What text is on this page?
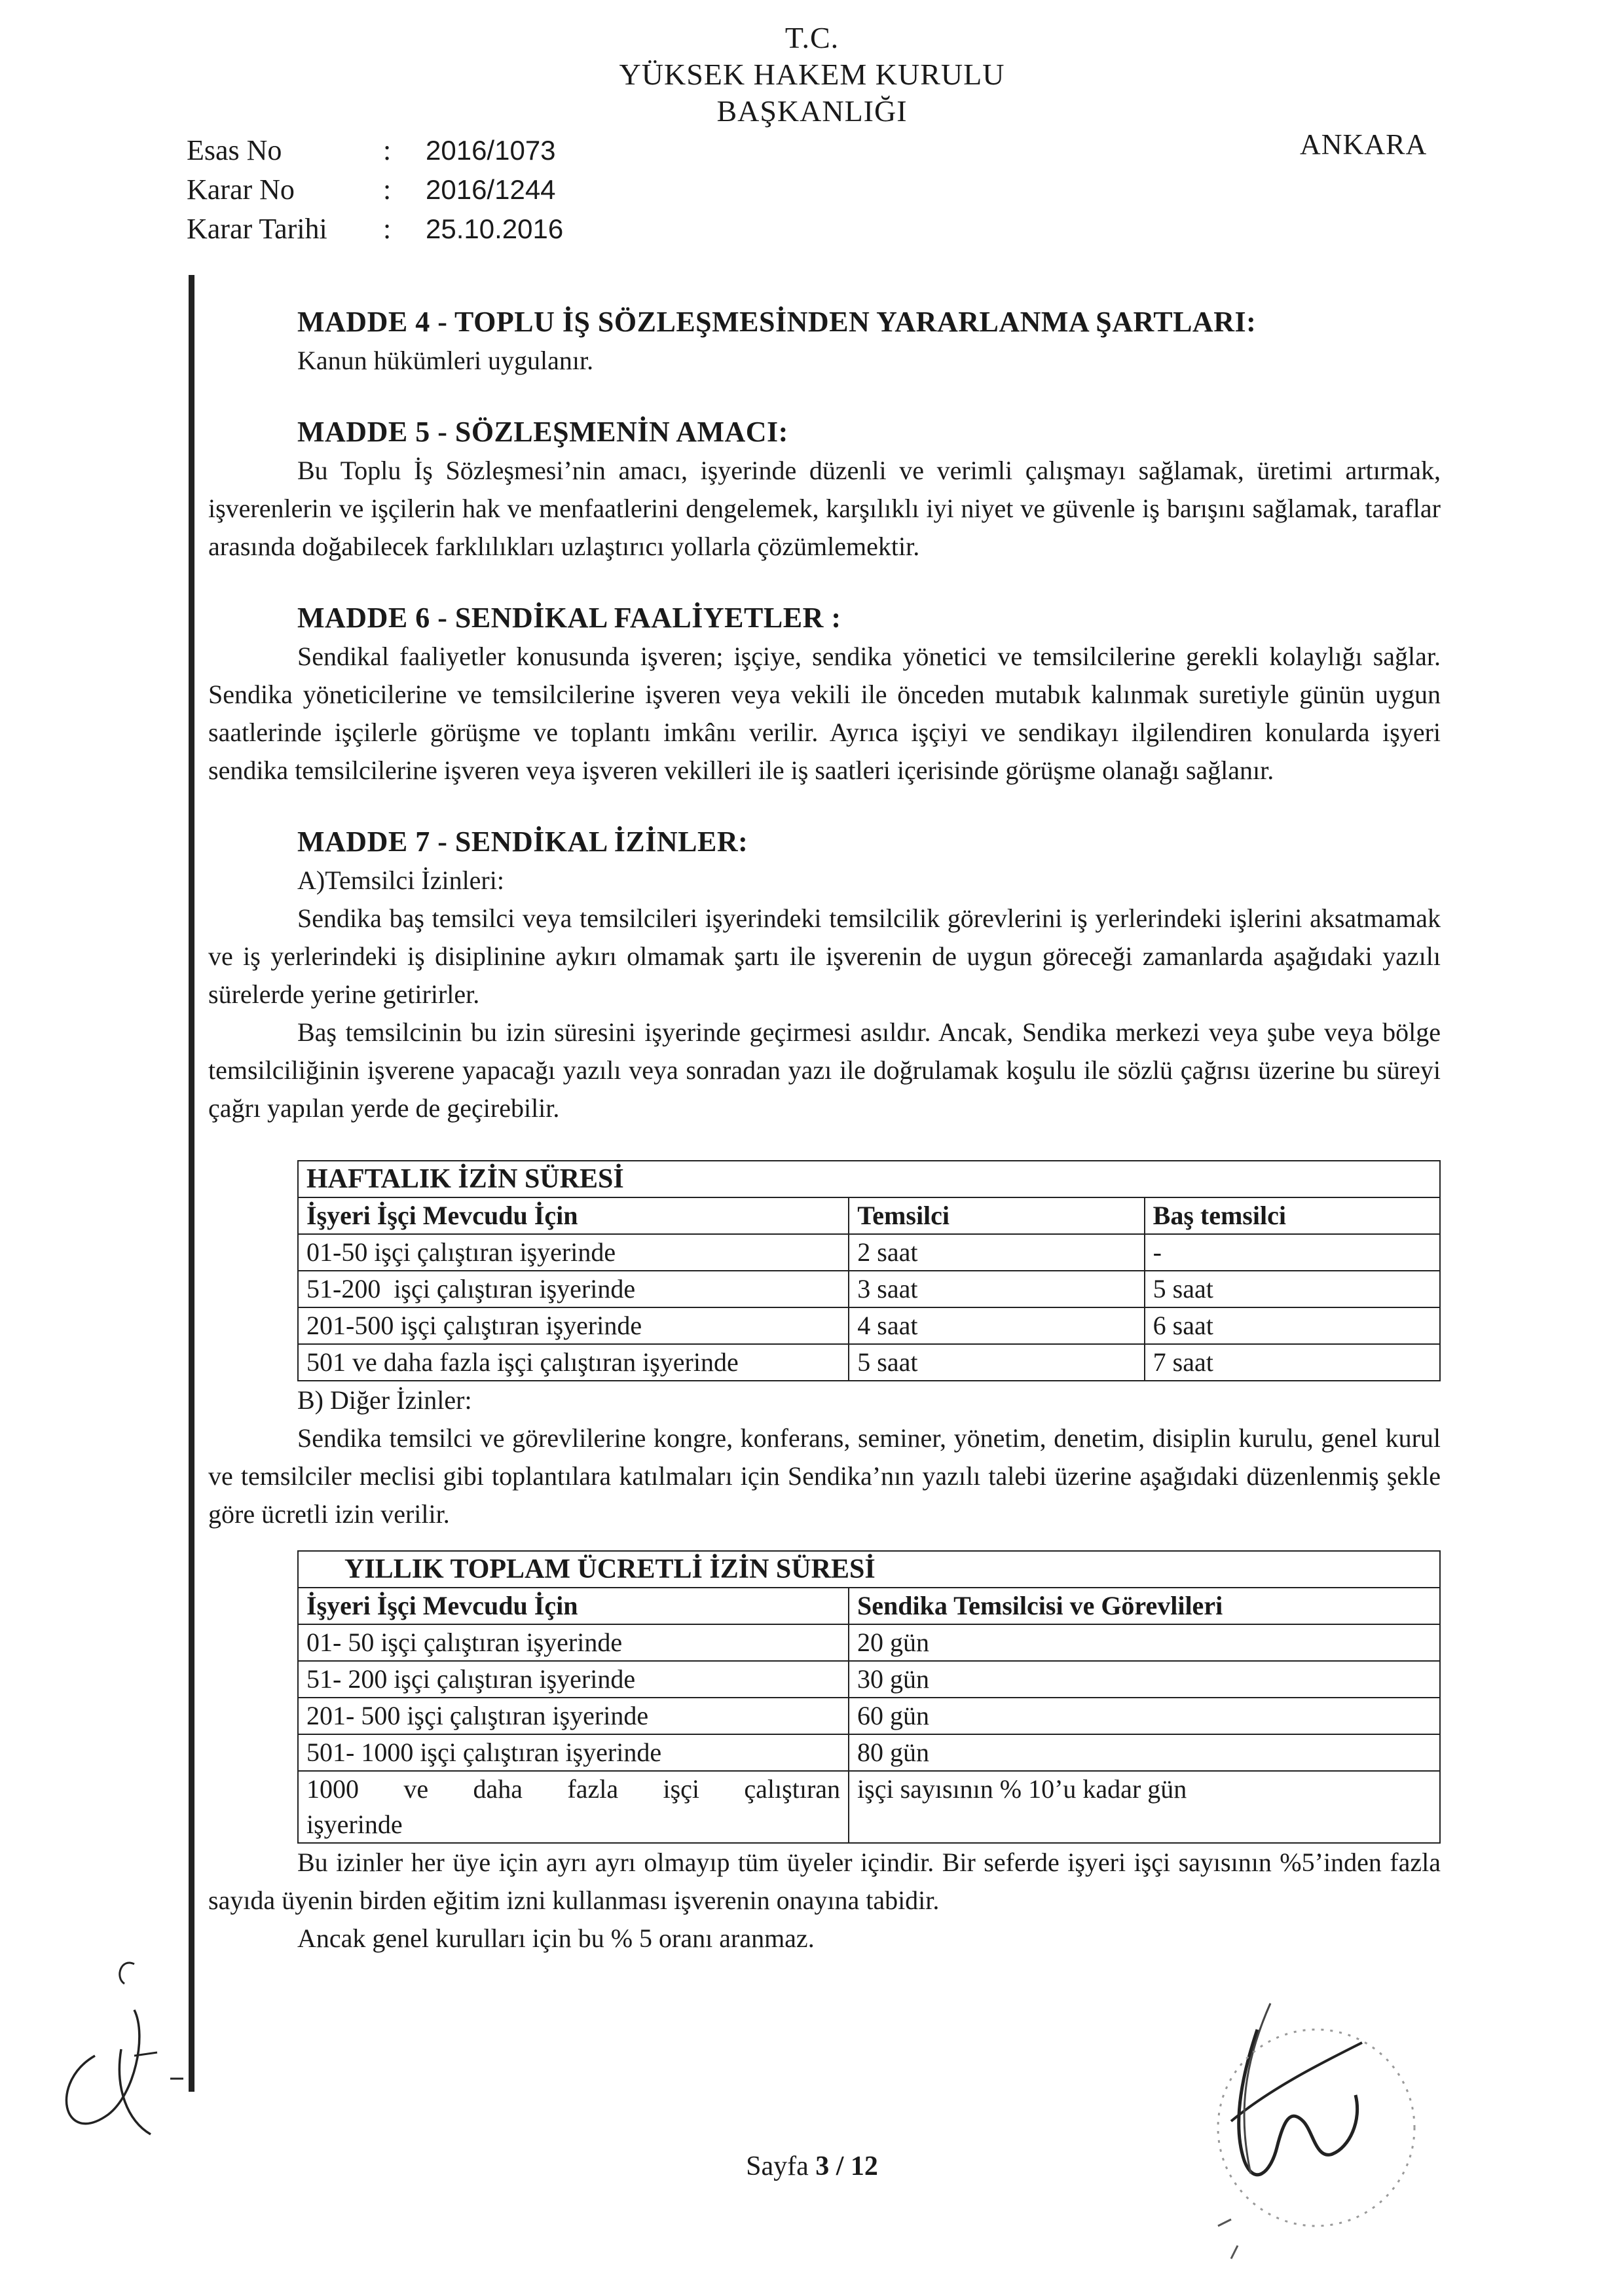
T.C.
YÜKSEK HAKEM KURULU
BAŞKANLIĞI
Esas No	:	2016/1073
Karar No	:	2016/1244
Karar Tarihi	:	25.10.2016
ANKARA

MADDE 4 - TOPLU İŞ SÖZLEŞMESİNDEN YARARLANMA ŞARTLARI:

Kanun hükümleri uygulanır.

MADDE 5 - SÖZLEŞMENİN AMACI:

Bu Toplu İş Sözleşmesi’nin amacı, işyerinde düzenli ve verimli çalışmayı sağlamak, üretimi artırmak, işverenlerin ve işçilerin hak ve menfaatlerini dengelemek, karşılıklı iyi niyet ve güvenle iş barışını sağlamak, taraflar arasında doğabilecek farklılıkları uzlaştırıcı yollarla çözümlemektir.

MADDE 6 - SENDİKAL FAALİYETLER :

Sendikal faaliyetler konusunda işveren; işçiye, sendika yönetici ve temsilcilerine gerekli kolaylığı sağlar. Sendika yöneticilerine ve temsilcilerine işveren veya vekili ile önceden mutabık kalınmak suretiyle günün uygun saatlerinde işçilerle görüşme ve toplantı imkânı verilir. Ayrıca işçiyi ve sendikayı ilgilendiren konularda işyeri sendika temsilcilerine işveren veya işveren vekilleri ile iş saatleri içerisinde görüşme olanağı sağlanır.

MADDE 7 - SENDİKAL İZİNLER:

A)Temsilci İzinleri:

Sendika baş temsilci veya temsilcileri işyerindeki temsilcilik görevlerini iş yerlerindeki işlerini aksatmamak ve iş yerlerindeki iş disiplinine aykırı olmamak şartı ile işverenin de uygun göreceği zamanlarda aşağıdaki yazılı sürelerde yerine getirirler.

Baş temsilcinin bu izin süresini işyerinde geçirmesi asıldır. Ancak, Sendika merkezi veya şube veya bölge temsilciliğinin işverene yapacağı yazılı veya sonradan yazı ile doğrulamak koşulu ile sözlü çağrısı üzerine bu süreyi çağrı yapılan yerde de geçirebilir.

HAFTALIK İZİN SÜRESİ		
İşyeri İşçi Mevcudu İçin	Temsilci	Baş temsilci
01-50 işçi çalıştıran işyerinde	2 saat	-
51-200  işçi çalıştıran işyerinde	3 saat	5 saat
201-500 işçi çalıştıran işyerinde	4 saat	6 saat
501 ve daha fazla işçi çalıştıran işyerinde	5 saat	7 saat

B) Diğer İzinler:

Sendika temsilci ve görevlilerine kongre, konferans, seminer, yönetim, denetim, disiplin kurulu, genel kurul ve temsilciler meclisi gibi toplantılara katılmaları için Sendika’nın yazılı talebi üzerine aşağıdaki düzenlenmiş şekle göre ücretli izin verilir.

YILLIK TOPLAM ÜCRETLİ İZİN SÜRESİ	
İşyeri İşçi Mevcudu İçin	Sendika Temsilcisi ve Görevlileri
01- 50 işçi çalıştıran işyerinde	20 gün
51- 200 işçi çalıştıran işyerinde	30 gün
201- 500 işçi çalıştıran işyerinde	60 gün
501- 1000 işçi çalıştıran işyerinde	80 gün

1000 ve daha fazla işçi çalıştıran
işyerinde	işçi sayısının % 10’u kadar gün

Bu izinler her üye için ayrı ayrı olmayıp tüm üyeler içindir. Bir seferde işyeri işçi sayısının %5’inden fazla sayıda üyenin birden eğitim izni kullanması işverenin onayına tabidir.

Ancak genel kurulları için bu % 5 oranı aranmaz.

Sayfa 3 / 12
